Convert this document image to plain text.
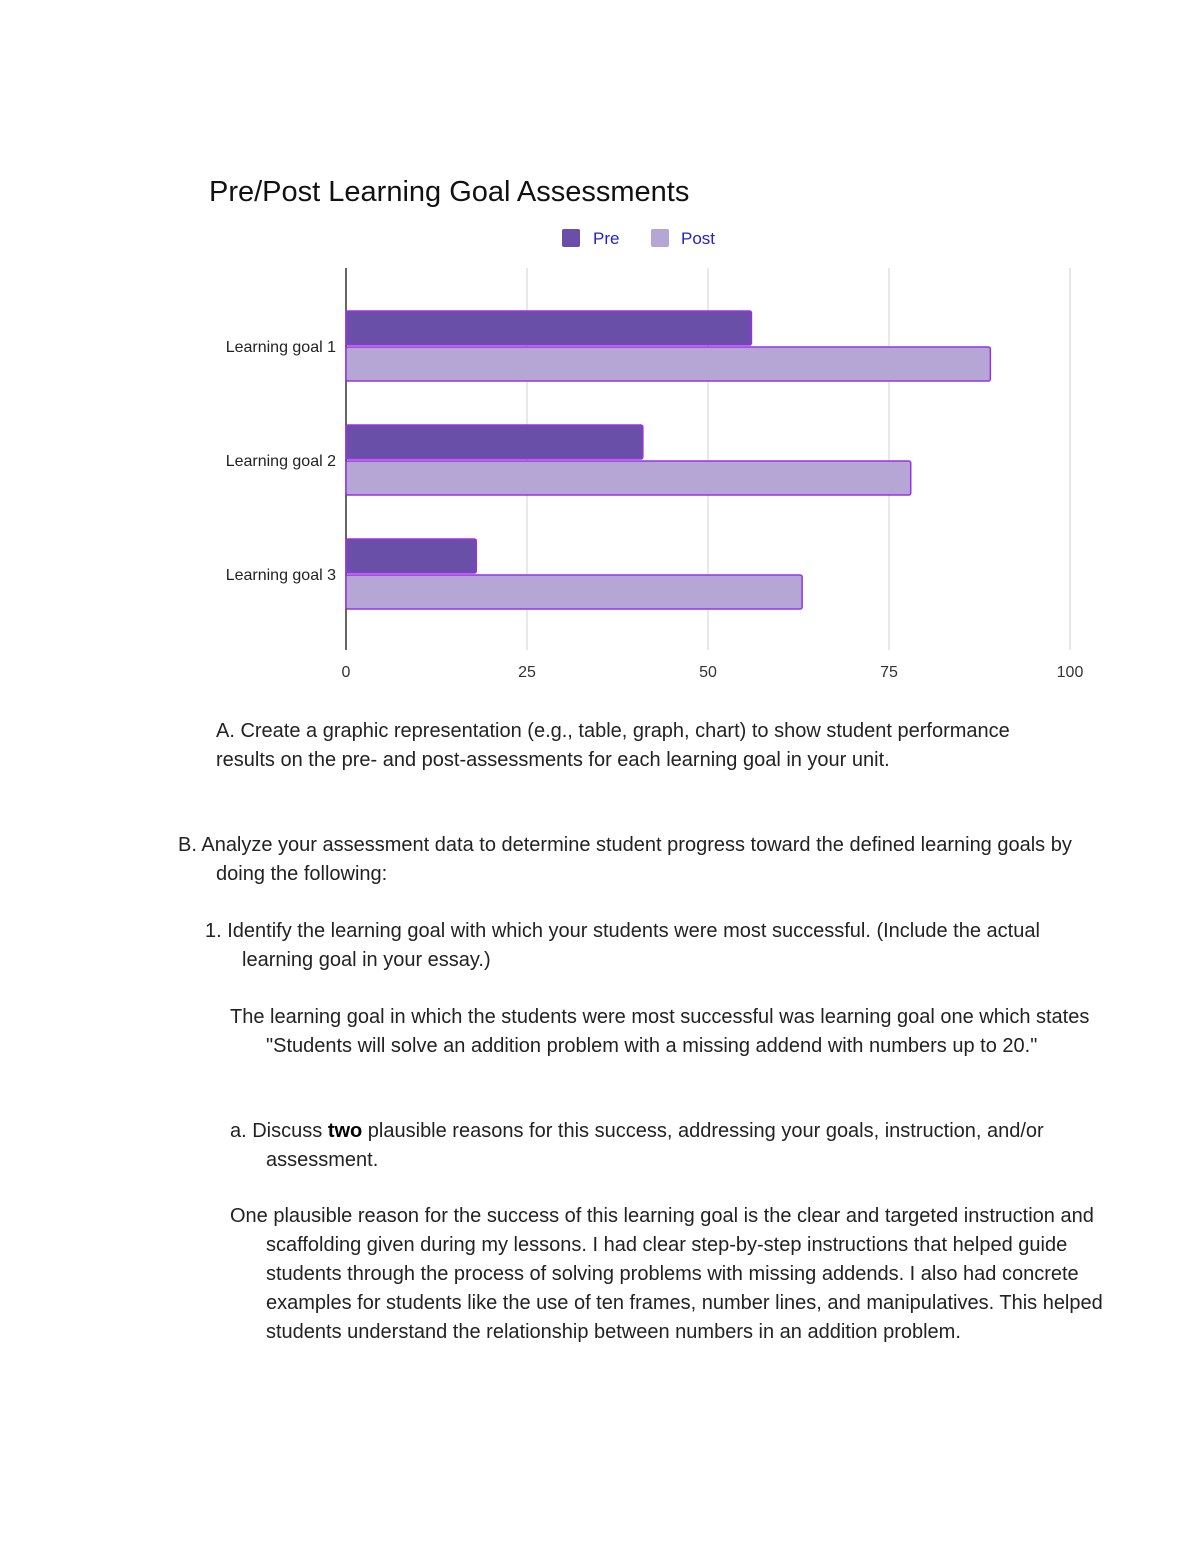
Pre/Post Learning Goal Assessments
Pre	Post
Learning goal 1
Learning goal 2
Learning goal 3
0	25	50	75	100

A. Create a graphic representation (e.g., table, graph, chart) to show student performance results on the pre- and post-assessments for each learning goal in your unit.

B. Analyze your assessment data to determine student progress toward the defined learning goals by doing the following:

1. Identify the learning goal with which your students were most successful. (Include the actual learning goal in your essay.)

The learning goal in which the students were most successful was learning goal one which states "Students will solve an addition problem with a missing addend with numbers up to 20."

a. Discuss two plausible reasons for this success, addressing your goals, instruction, and/or assessment.

One plausible reason for the success of this learning goal is the clear and targeted instruction and scaffolding given during my lessons. I had clear step-by-step instructions that helped guide students through the process of solving problems with missing addends. I also had concrete examples for students like the use of ten frames, number lines, and manipulatives. This helped students understand the relationship between numbers in an addition problem.
